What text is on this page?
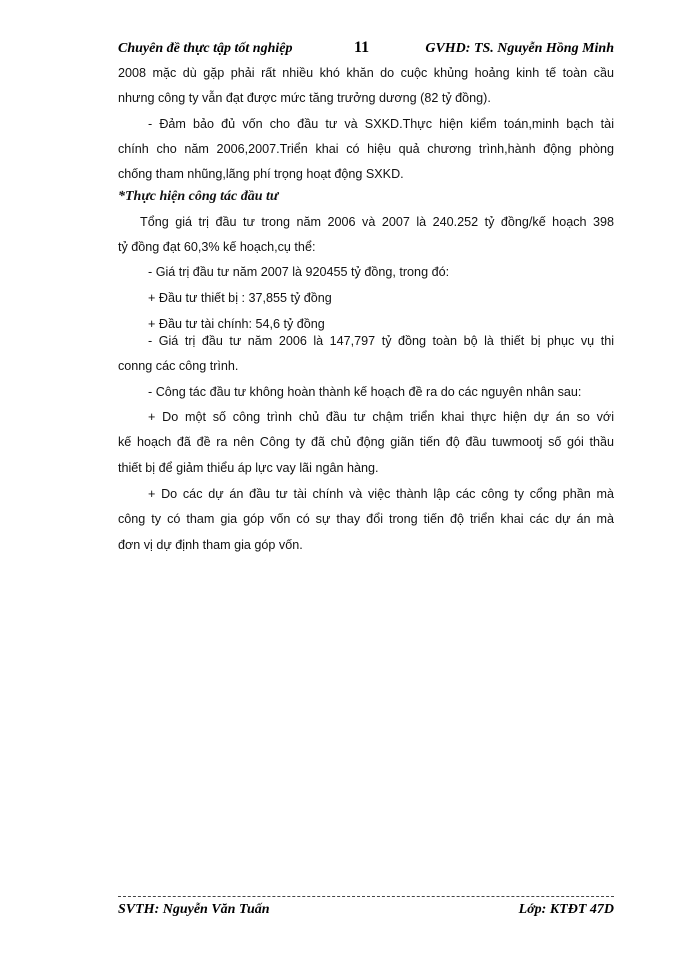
Chuyên đề thực tập tốt nghiệp	11	GVHD: TS. Nguyễn Hồng Minh
2008 mặc dù gặp phải rất nhiều khó khăn do cuộc khủng hoảng kinh tế toàn cầu
nhưng công ty vẫn đạt được mức tăng trưởng dương (82 tỷ đồng).
- Đảm bảo đủ vốn cho đầu tư và SXKD.Thực hiện kiểm toán,minh bạch tài
chính cho năm 2006,2007.Triển khai có hiệu quả chương trình,hành động phòng
chống tham nhũng,lãng phí trọng hoạt động SXKD.
*Thực hiện công tác đầu tư
Tổng giá trị đầu tư trong năm 2006 và 2007 là 240.252 tỷ đồng/kế hoạch 398
tỷ đồng đạt 60,3% kế hoạch,cụ thể:
- Giá trị đầu tư năm 2007 là 920455 tỷ đồng, trong đó:
+ Đầu tư thiết bị : 37,855 tỷ đồng
+ Đầu tư tài chính: 54,6 tỷ đồng
- Giá trị đầu tư năm 2006 là 147,797 tỷ đồng toàn bộ là thiết bị phục vụ thi
conng các công trình.
- Công tác đầu tư không hoàn thành kế hoạch đề ra do các nguyên nhân sau:
+ Do một số công trình chủ đầu tư chậm triển khai thực hiện dự án so với
kế hoạch đã đề ra nên Công ty đã chủ động giãn tiến độ đầu tuwmootj số gói thầu
thiết bị để giảm thiểu áp lực vay lãi ngân hàng.
+ Do các dự án đầu tư tài chính và việc thành lập các công ty cổng phần mà
công ty có tham gia góp vốn có sự thay đổi trong tiến độ triển khai các dự án mà
đơn vị dự định tham gia góp vốn.
SVTH: Nguyễn Văn Tuấn	Lớp: KTĐT 47D
